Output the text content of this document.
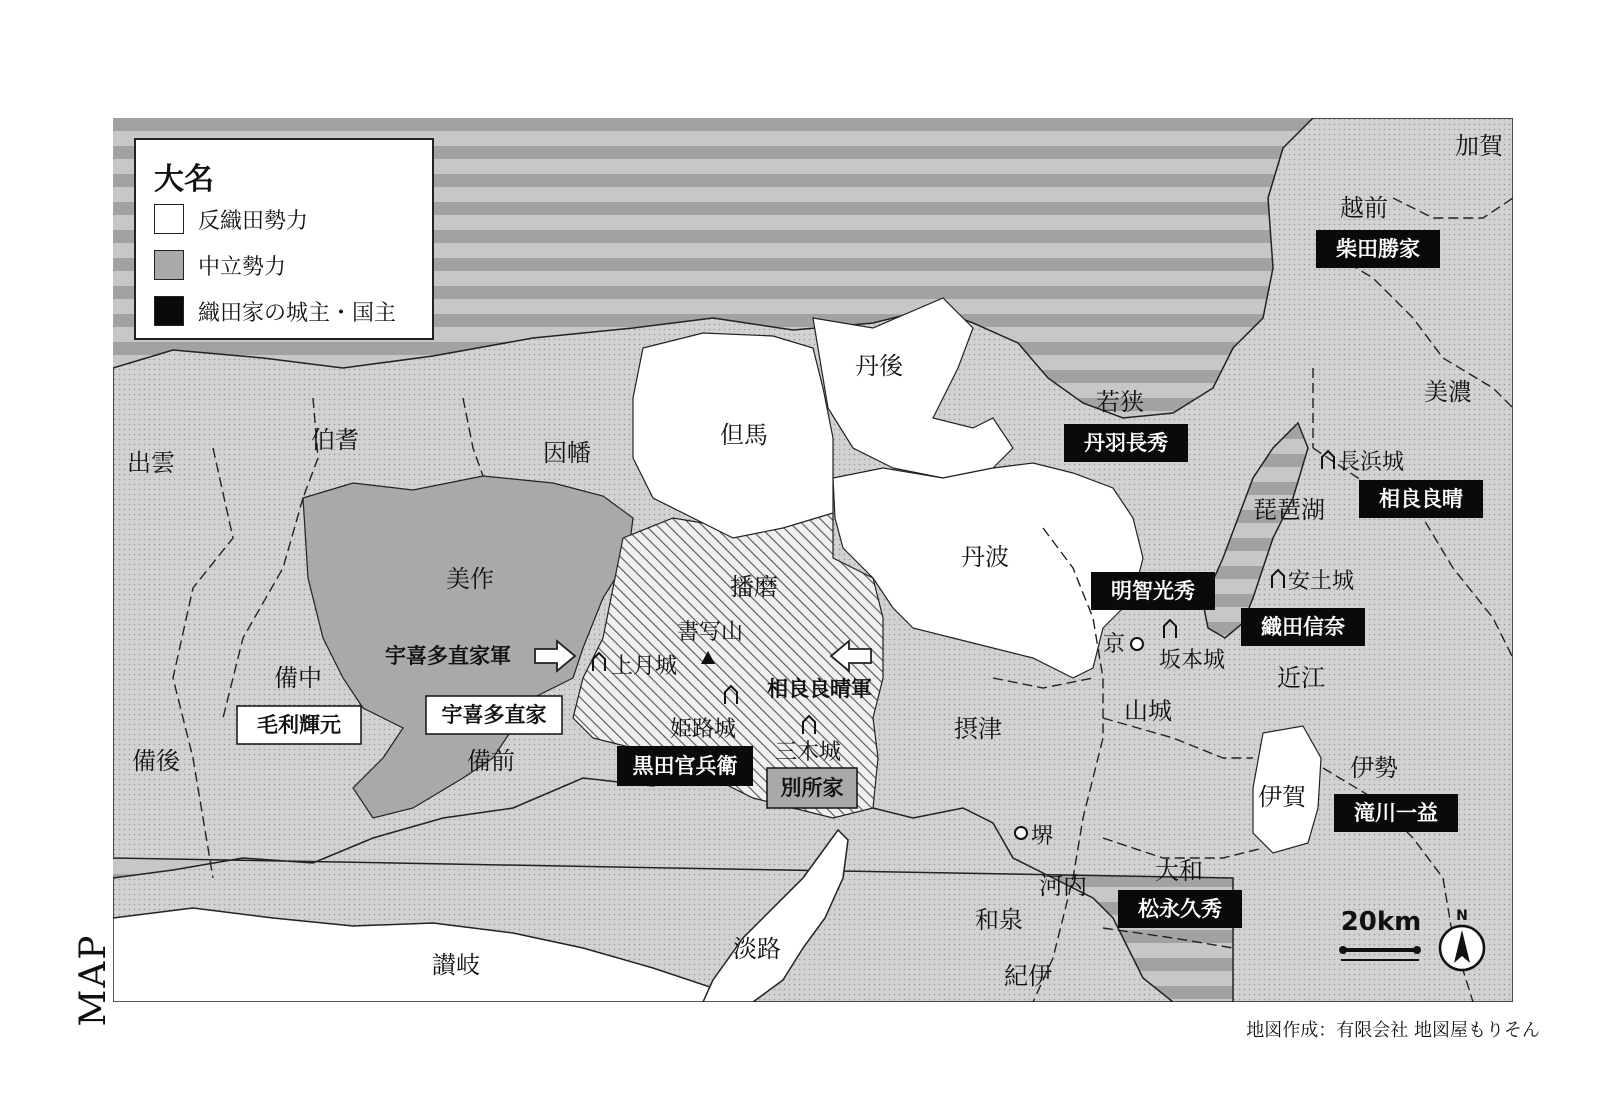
加賀
越前
美濃
若狭
丹後
但馬
因幡
伯耆
出雲
美作
備中
備後	備前
播磨
丹波
摂津
山城
近江
伊賀
伊勢
大和
河内
和泉
紀伊
淡路
讃岐
琵琶湖
書写山
上月城
姫路城
三木城
長浜城
安土城
坂本城
京
堺
宇喜多直家軍
相良良晴軍
柴田勝家
丹羽長秀
相良良晴
明智光秀
織田信奈
黒田官兵衛
別所家
毛利輝元	宇喜多直家
滝川一益
松永久秀	20km N
大名
反織田勢力
中立勢力
織田家の城主・国主
MAP
地図作成：有限会社 地図屋もりそん
